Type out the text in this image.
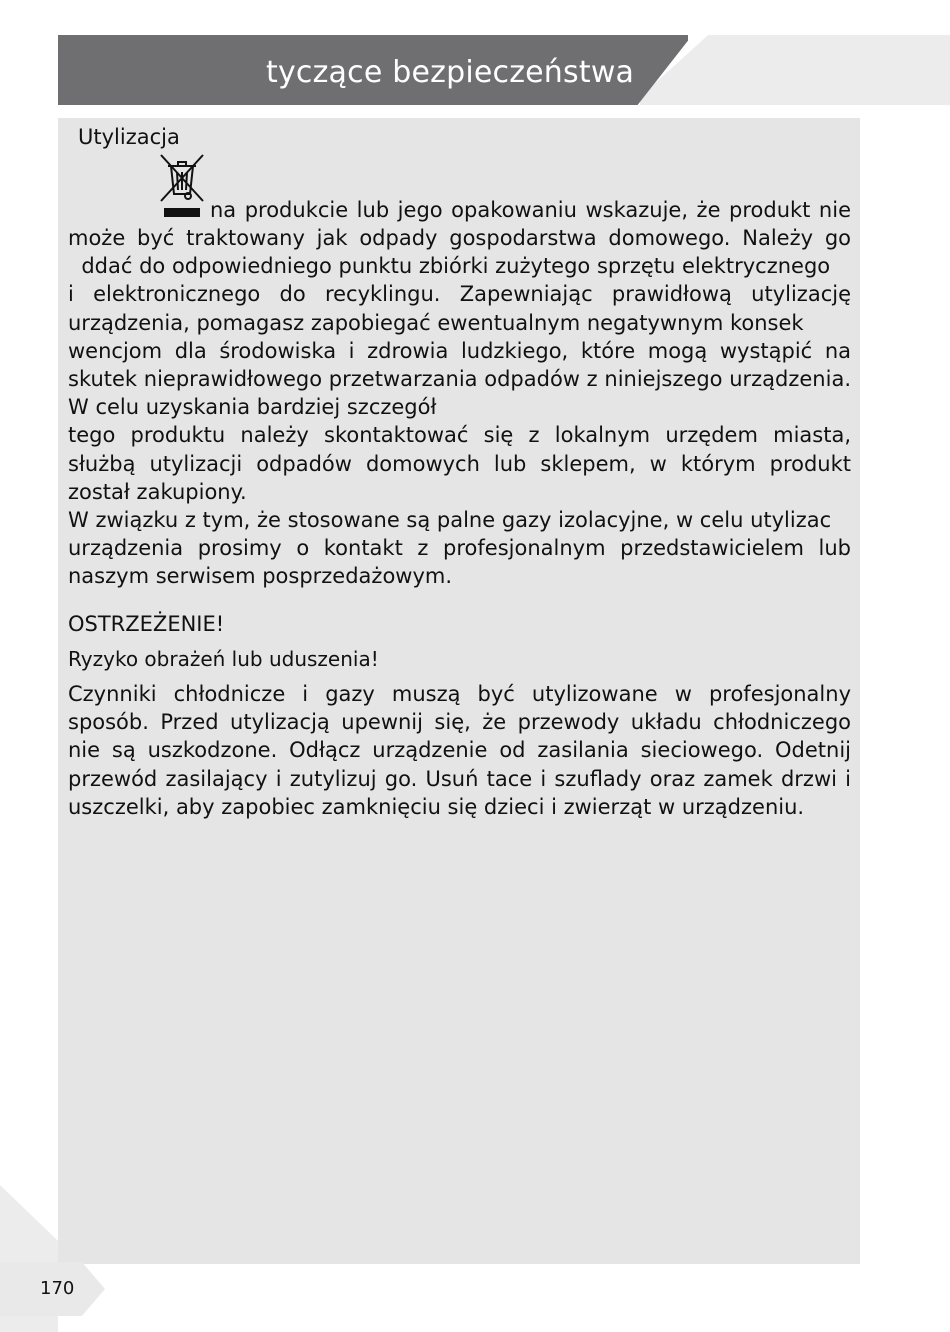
tyczące bezpieczeństwa
Utylizacja

na produkcie lub jego opakowaniu wskazuje, że produkt nie

może być traktowany jak odpady gospodarstwa domowego. Należy go
ddać do odpowiedniego punktu zbiórki zużytego sprzętu elektrycznego
i elektronicznego do recyklingu. Zapewniając prawidłową utylizację
urządzenia, pomagasz zapobiegać ewentualnym negatywnym konsek
wencjom dla środowiska i zdrowia ludzkiego, które mogą wystąpić na
skutek nieprawidłowego przetwarzania odpadów z niniejszego urządzenia.
W celu uzyskania bardziej szczegół
tego produktu należy skontaktować się z lokalnym urzędem miasta,
służbą utylizacji odpadów domowych lub sklepem, w którym produkt
został zakupiony.
W związku z tym, że stosowane są palne gazy izolacyjne, w celu utylizac
urządzenia prosimy o kontakt z profesjonalnym przedstawicielem lub
naszym serwisem posprzedażowym.
OSTRZEŻENIE!
Ryzyko obrażeń lub uduszenia!
Czynniki chłodnicze i gazy muszą być utylizowane w profesjonalny
sposób. Przed utylizacją upewnij się, że przewody układu chłodniczego
nie są uszkodzone. Odłącz urządzenie od zasilania sieciowego. Odetnij
przewód zasilający i zutylizuj go. Usuń tace i szuflady oraz zamek drzwi i
uszczelki, aby zapobiec zamknięciu się dzieci i zwierząt w urządzeniu.

170
